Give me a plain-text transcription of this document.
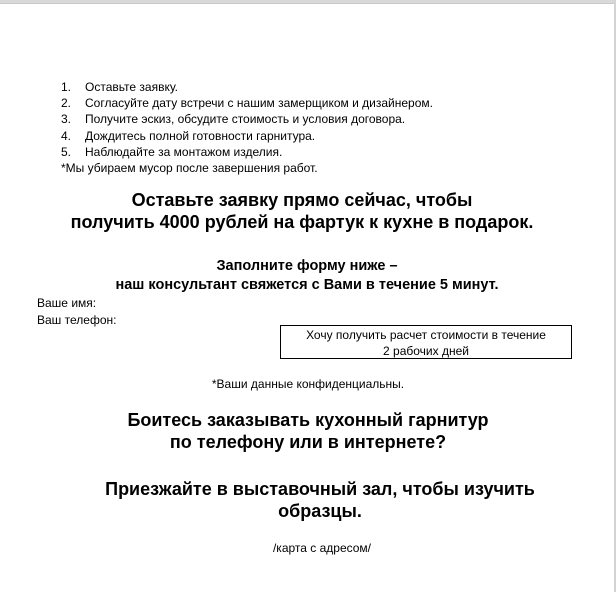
1.	Оставьте заявку.
2.	Согласуйте дату встречи с нашим замерщиком и дизайнером.
3.	Получите эскиз, обсудите стоимость и условия договора.
4.	Дождитесь полной готовности гарнитура.
5.	Наблюдайте за монтажом изделия.
*Мы убираем мусор после завершения работ.
Оставьте заявку прямо сейчас, чтобы
получить 4000 рублей на фартук к кухне в подарок.
Заполните форму ниже –
наш консультант свяжется с Вами в течение 5 минут.
Ваше имя:
Ваш телефон:
Хочу получить расчет стоимости в течение
2 рабочих дней
*Ваши данные конфиденциальны.
Боитесь заказывать кухонный гарнитур
по телефону или в интернете?
Приезжайте в выставочный зал, чтобы изучить
образцы.
/карта с адресом/
